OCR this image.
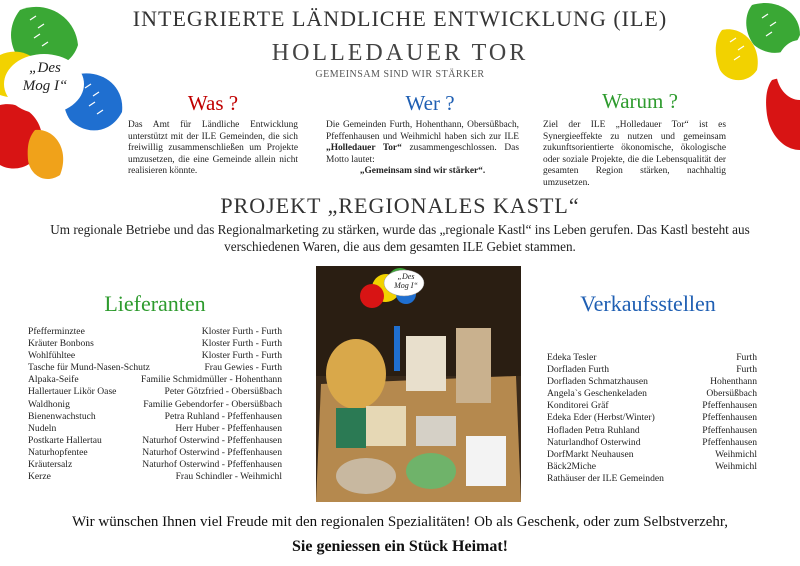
„Des
Mog I“
INTEGRIERTE LÄNDLICHE ENTWICKLUNG (ILE)
HOLLEDAUER TOR
GEMEINSAM SIND WIR STÄRKER
Was ?	Wer ?	Warum ?
Das Amt für Ländliche Entwicklung unterstützt mit der ILE Gemeinden, die sich freiwillig zusammenschließen um Projekte umzusetzen, die eine Gemeinde allein nicht realisieren könnte.
Die Gemeinden Furth, Hohenthann, Obersüßbach, Pfeffenhausen und Weihmichl haben sich zur ILE „Holledauer Tor“ zusammengeschlossen. Das Motto lautet:
„Gemeinsam sind wir stärker“.
Ziel der ILE „Holledauer Tor“ ist es Synergieeffekte zu nutzen und gemeinsam zukunftsorientierte ökonomische, ökologische oder soziale Projekte, die die Lebensqualität der gesamten Region stärken, nachhaltig umzusetzen.
PROJEKT „REGIONALES KASTL“
Um regionale Betriebe und das Regionalmarketing zu stärken, wurde das „regionale Kastl“ ins Leben gerufen. Das Kastl besteht aus verschiedenen Waren, die aus dem gesamten ILE Gebiet stammen.
Lieferanten	Verkaufsstellen
Pfefferminztee	Kloster Furth - Furth
Kräuter Bonbons	Kloster Furth - Furth
Wohlfühltee	Kloster Furth - Furth
Tasche für Mund-Nasen-Schutz	Frau Gewies - Furth
Alpaka-Seife	Familie Schmidmüller - Hohenthann
Hallertauer Likör Oase	Peter Götzfried - Obersüßbach
Waldhonig	Familie Gebendorfer - Obersüßbach
Bienenwachstuch	Petra Ruhland - Pfeffenhausen
Nudeln	Herr Huber - Pfeffenhausen
Postkarte Hallertau	Naturhof Osterwind - Pfeffenhausen
Naturhopfentee	Naturhof Osterwind - Pfeffenhausen
Kräutersalz	Naturhof Osterwind - Pfeffenhausen
Kerze	Frau Schindler - Weihmichl
Edeka Tesler	Furth
Dorfladen Furth	Furth
Dorfladen Schmatzhausen	Hohenthann
Angela`s Geschenkeladen	Obersüßbach
Konditorei Gräf	Pfeffenhausen
Edeka Eder (Herbst/Winter)	Pfeffenhausen
Hofladen Petra Ruhland	Pfeffenhausen
Naturlandhof Osterwind	Pfeffenhausen
DorfMarkt Neuhausen	Weihmichl
Bäck2Miche	Weihmichl
Rathäuser der ILE Gemeinden
„Des
Mog I“
Wir wünschen Ihnen viel Freude mit den regionalen Spezialitäten! Ob als Geschenk, oder zum Selbstverzehr,
Sie geniessen ein Stück Heimat!
